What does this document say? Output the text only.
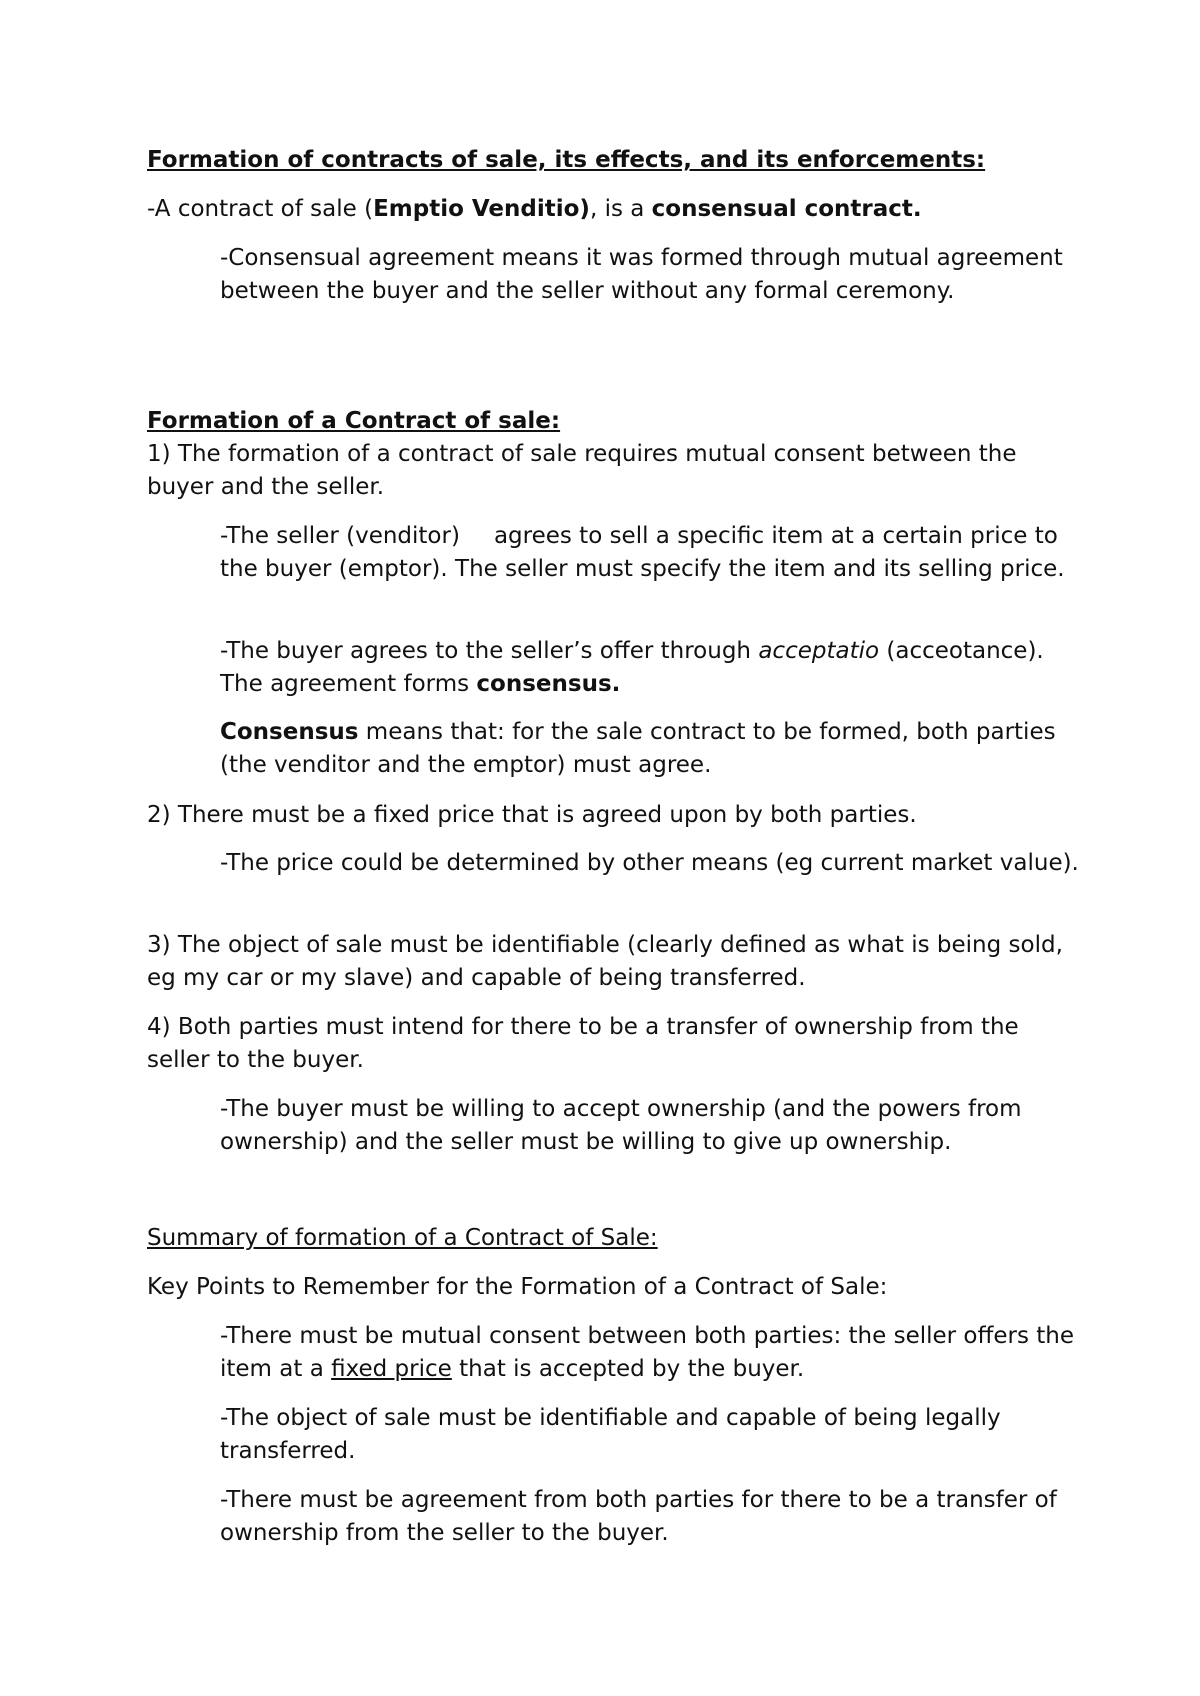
Formation of contracts of sale, its effects, and its enforcements:

-A contract of sale (Emptio Venditio), is a consensual contract.

-Consensual agreement means it was formed through mutual agreement between the buyer and the seller without any formal ceremony.

Formation of a Contract of sale:

1) The formation of a contract of sale requires mutual consent between the buyer and the seller.

-The seller (venditor) agrees to sell a specific item at a certain price to the buyer (emptor). The seller must specify the item and its selling price.

-The buyer agrees to the seller’s offer through acceptatio (acceotance). The agreement forms consensus.

Consensus means that: for the sale contract to be formed, both parties (the venditor and the emptor) must agree.

2) There must be a fixed price that is agreed upon by both parties.

-The price could be determined by other means (eg current market value).

3) The object of sale must be identifiable (clearly defined as what is being sold, eg my car or my slave) and capable of being transferred.

4) Both parties must intend for there to be a transfer of ownership from the seller to the buyer.

-The buyer must be willing to accept ownership (and the powers from ownership) and the seller must be willing to give up ownership.

Summary of formation of a Contract of Sale:

Key Points to Remember for the Formation of a Contract of Sale:

-There must be mutual consent between both parties: the seller offers the item at a fixed price that is accepted by the buyer.

-The object of sale must be identifiable and capable of being legally transferred.

-There must be agreement from both parties for there to be a transfer of ownership from the seller to the buyer.
